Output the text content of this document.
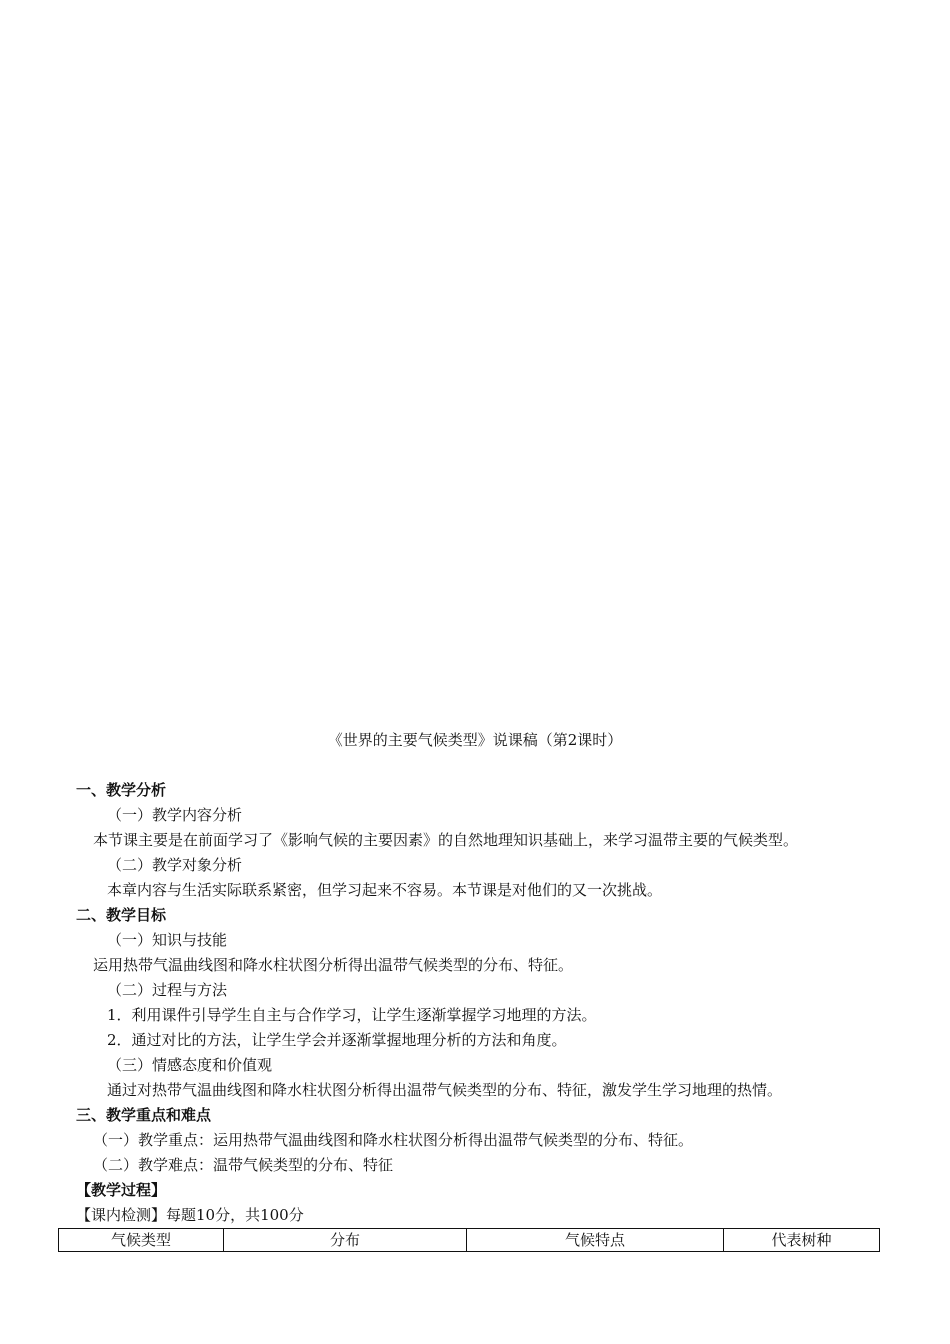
《世界的主要气候类型》说课稿（第2课时）
一、教学分析
（一）教学内容分析
本节课主要是在前面学习了《影响气候的主要因素》的自然地理知识基础上，来学习温带主要的气候类型。
（二）教学对象分析
本章内容与生活实际联系紧密，但学习起来不容易。本节课是对他们的又一次挑战。
二、教学目标
（一）知识与技能
运用热带气温曲线图和降水柱状图分析得出温带气候类型的分布、特征。
（二）过程与方法
1．利用课件引导学生自主与合作学习，让学生逐渐掌握学习地理的方法。
2．通过对比的方法，让学生学会并逐渐掌握地理分析的方法和角度。
（三）情感态度和价值观
通过对热带气温曲线图和降水柱状图分析得出温带气候类型的分布、特征，激发学生学习地理的热情。
三、教学重点和难点
（一）教学重点：运用热带气温曲线图和降水柱状图分析得出温带气候类型的分布、特征。
（二）教学难点：温带气候类型的分布、特征
【教学过程】
【课内检测】每题10分，共100分
气候类型	分布	气候特点	代表树种
